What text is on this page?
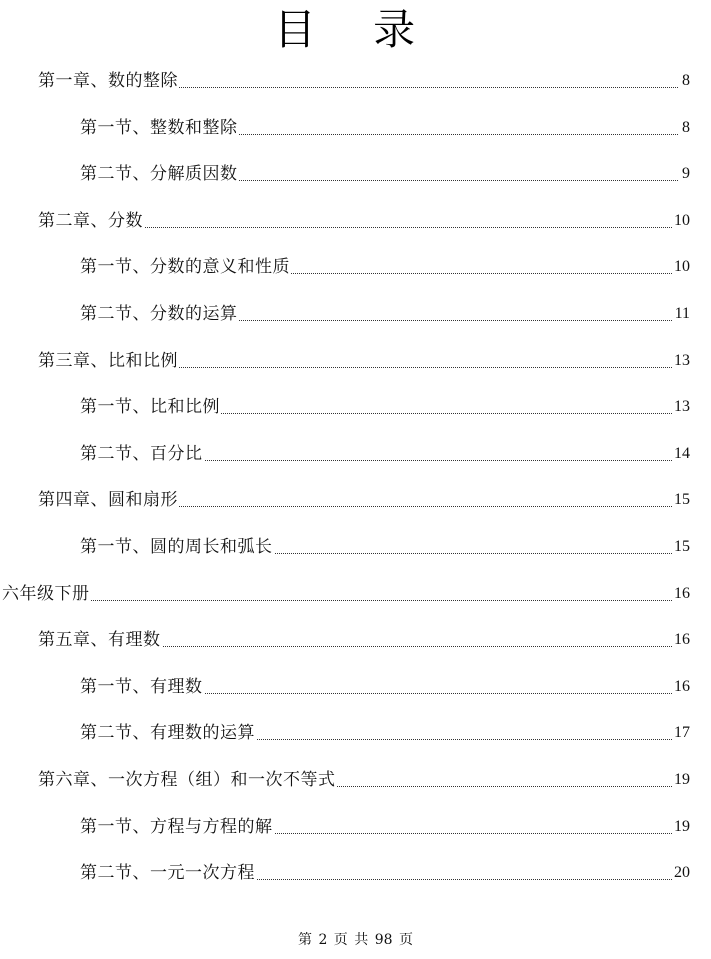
目 录
第一章、数的整除	8
第一节、整数和整除	8
第二节、分解质因数	9
第二章、分数	10
第一节、分数的意义和性质	10
第二节、分数的运算	11
第三章、比和比例	13
第一节、比和比例	13
第二节、百分比	14
第四章、圆和扇形	15
第一节、圆的周长和弧长	15
六年级下册	16
第五章、有理数	16
第一节、有理数	16
第二节、有理数的运算	17
第六章、一次方程（组）和一次不等式	19
第一节、方程与方程的解	19
第二节、一元一次方程	20
第 2 页 共 98 页
